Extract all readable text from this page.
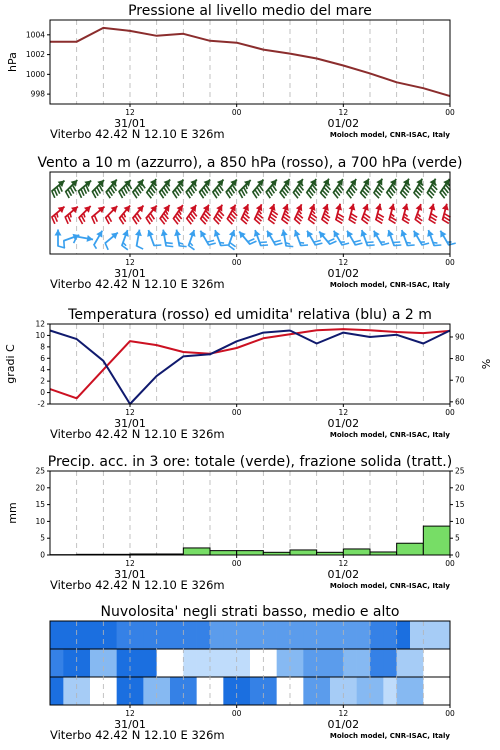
Pressione al livello medio del mare
998
1000
1002
1004
hPa
12	00	12	00
31/01	01/02
Viterbo 42.42 N 12.10 E 326m	Moloch model, CNR-ISAC, Italy
Vento a 10 m (azzurro), a 850 hPa (rosso), a 700 hPa (verde)
12	00	12	00
31/01	01/02
Viterbo 42.42 N 12.10 E 326m	Moloch model, CNR-ISAC, Italy
Temperatura (rosso) ed umidita' relativa (blu) a 2 m
-2
0
2
4
6
8
10
12
60
70
80
90
gradi C	%
12	00	12	00
31/01	01/02
Viterbo 42.42 N 12.10 E 326m	Moloch model, CNR-ISAC, Italy
Precip. acc. in 3 ore: totale (verde), frazione solida (tratt.)
0
5
10
15
20
25
0
5
10
15
20
25
mm
12	00	12	00
31/01	01/02
Viterbo 42.42 N 12.10 E 326m	Moloch model, CNR-ISAC, Italy
Nuvolosita' negli strati basso, medio e alto
12	00	12	00
31/01	01/02
Viterbo 42.42 N 12.10 E 326m	Moloch model, CNR-ISAC, Italy
